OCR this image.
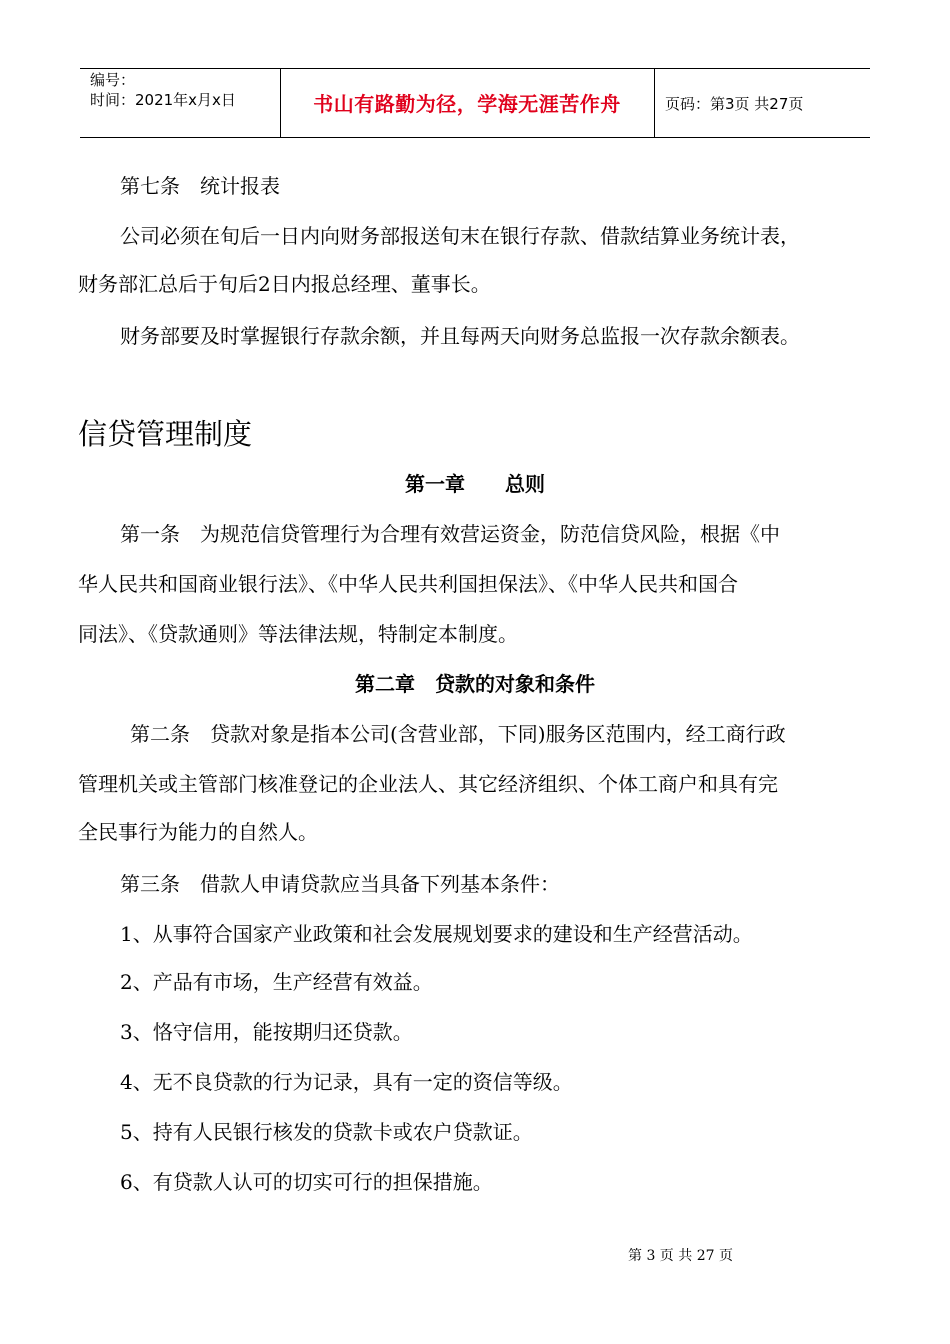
编号：
时间：2021年x月x日	书山有路勤为径，学海无涯苦作舟	页码：第3页 共27页
第七条　统计报表
公司必须在旬后一日内向财务部报送旬末在银行存款、借款结算业务统计表，
财务部汇总后于旬后2日内报总经理、董事长。
财务部要及时掌握银行存款余额，并且每两天向财务总监报一次存款余额表。
信贷管理制度
第一章　　总则
第一条　为规范信贷管理行为合理有效营运资金，防范信贷风险，根据《中
华人民共和国商业银行法》、《中华人民共利国担保法》、《中华人民共和国合
同法》、《贷款通则》等法律法规，特制定本制度。
第二章　贷款的对象和条件
第二条　贷款对象是指本公司(含营业部，下同)服务区范围内，经工商行政
管理机关或主管部门核准登记的企业法人、其它经济组织、个体工商户和具有完
全民事行为能力的自然人。
第三条　借款人申请贷款应当具备下列基本条件：
1、从事符合国家产业政策和社会发展规划要求的建设和生产经营活动。
2、产品有市场，生产经营有效益。
3、恪守信用，能按期归还贷款。
4、无不良贷款的行为记录，具有一定的资信等级。
5、持有人民银行核发的贷款卡或农户贷款证。
6、有贷款人认可的切实可行的担保措施。
第 3 页 共 27 页
